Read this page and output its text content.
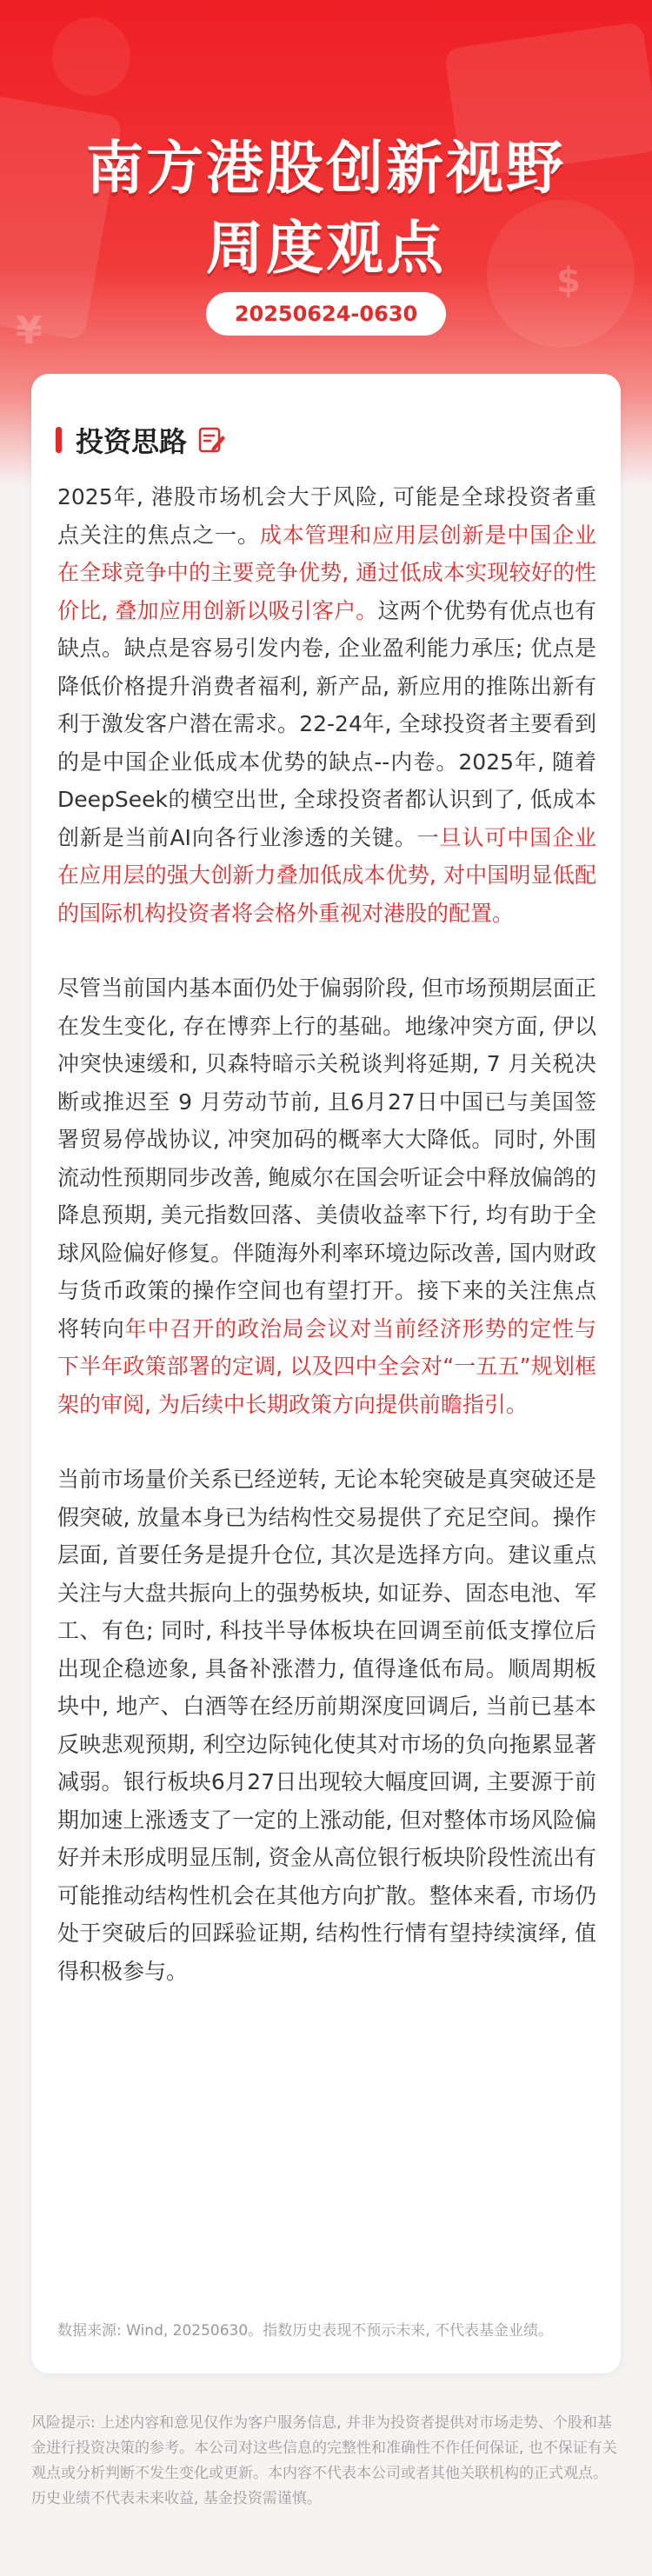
¥
$
南方港股创新视野
周度观点
20250624-0630
投资思路

2025年, 港股市场机会大于风险, 可能是全球投资者重点关注的焦点之一。成本管理和应用层创新是中国企业在全球竞争中的主要竞争优势, 通过低成本实现较好的性价比, 叠加应用创新以吸引客户。这两个优势有优点也有缺点。缺点是容易引发内卷, 企业盈利能力承压; 优点是降低价格提升消费者福利, 新产品, 新应用的推陈出新有利于激发客户潜在需求。22-24年, 全球投资者主要看到的是中国企业低成本优势的缺点--内卷。2025年, 随着DeepSeek的横空出世, 全球投资者都认识到了, 低成本创新是当前AI向各行业渗透的关键。一旦认可中国企业在应用层的强大创新力叠加低成本优势, 对中国明显低配的国际机构投资者将会格外重视对港股的配置。

尽管当前国内基本面仍处于偏弱阶段, 但市场预期层面正在发生变化, 存在博弈上行的基础。地缘冲突方面, 伊以冲突快速缓和, 贝森特暗示关税谈判将延期, 7 月关税决断或推迟至 9 月劳动节前, 且6月27日中国已与美国签署贸易停战协议, 冲突加码的概率大大降低。同时, 外围流动性预期同步改善, 鲍威尔在国会听证会中释放偏鸽的降息预期, 美元指数回落、美债收益率下行, 均有助于全球风险偏好修复。伴随海外利率环境边际改善, 国内财政与货币政策的操作空间也有望打开。接下来的关注焦点将转向年中召开的政治局会议对当前经济形势的定性与下半年政策部署的定调, 以及四中全会对“一五五”规划框架的审阅, 为后续中长期政策方向提供前瞻指引。

当前市场量价关系已经逆转, 无论本轮突破是真突破还是假突破, 放量本身已为结构性交易提供了充足空间。操作层面, 首要任务是提升仓位, 其次是选择方向。建议重点关注与大盘共振向上的强势板块, 如证券、固态电池、军工、有色; 同时, 科技半导体板块在回调至前低支撑位后出现企稳迹象, 具备补涨潜力, 值得逢低布局。顺周期板块中, 地产、白酒等在经历前期深度回调后, 当前已基本反映悲观预期, 利空边际钝化使其对市场的负向拖累显著减弱。银行板块6月27日出现较大幅度回调, 主要源于前期加速上涨透支了一定的上涨动能, 但对整体市场风险偏好并未形成明显压制, 资金从高位银行板块阶段性流出有可能推动结构性机会在其他方向扩散。整体来看, 市场仍处于突破后的回踩验证期, 结构性行情有望持续演绎, 值得积极参与。

数据来源: Wind, 20250630。指数历史表现不预示未来, 不代表基金业绩。
风险提示: 上述内容和意见仅作为客户服务信息, 并非为投资者提供对市场走势、个股和基金进行投资决策的参考。本公司对这些信息的完整性和准确性不作任何保证, 也不保证有关观点或分析判断不发生变化或更新。本内容不代表本公司或者其他关联机构的正式观点。历史业绩不代表未来收益, 基金投资需谨慎。
